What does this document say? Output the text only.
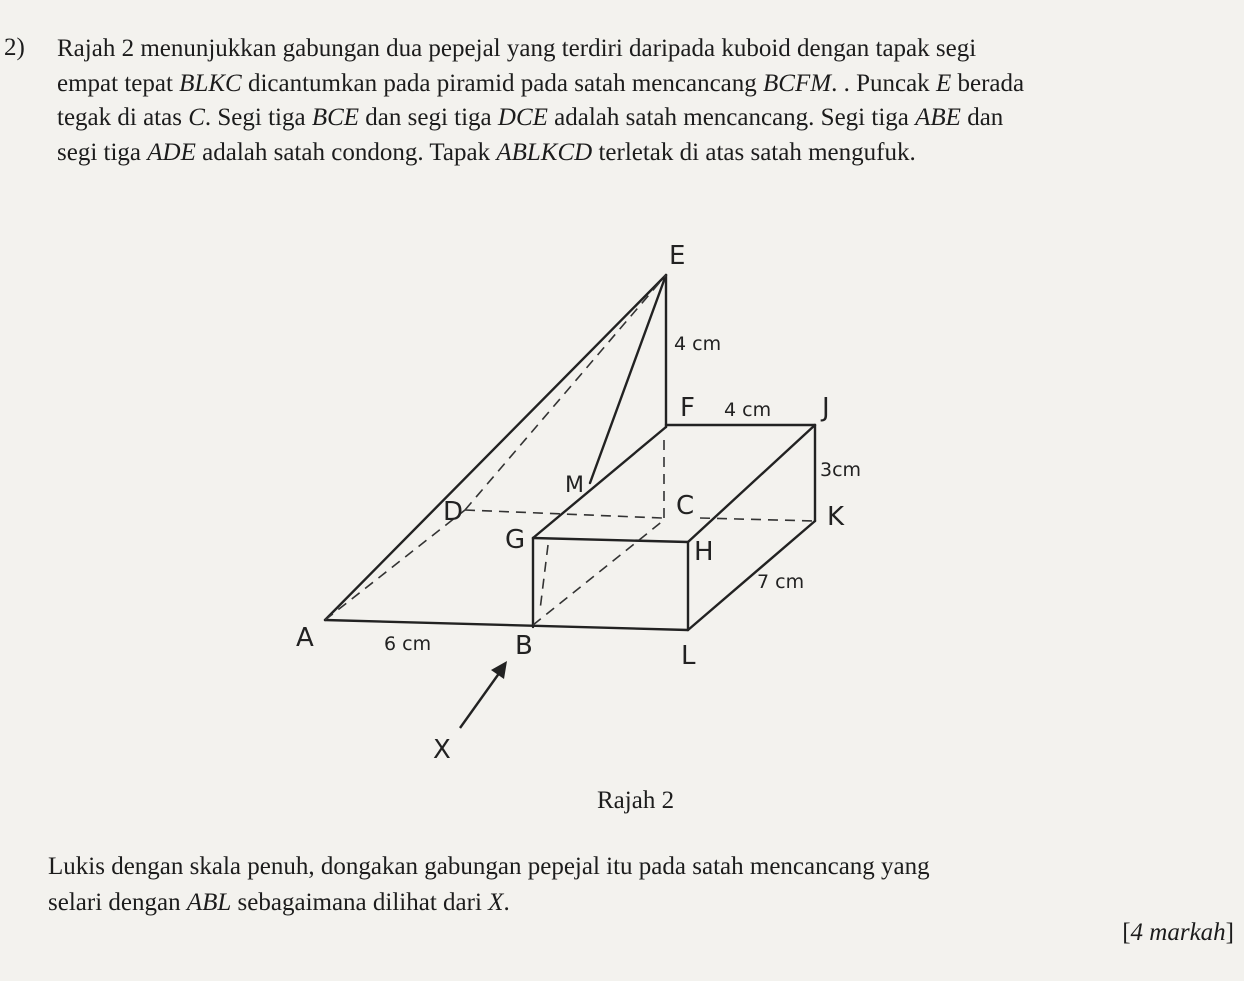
2) Rajah 2 menunjukkan gabungan dua pepejal yang terdiri daripada kuboid dengan tapak segi

empat tepat BLKC dicantumkan pada piramid pada satah mencancang BCFM. . Puncak E berada

tegak di atas C. Segi tiga BCE dan segi tiga DCE adalah satah mencancang. Segi tiga ABE dan

segi tiga ADE adalah satah condong. Tapak ABLKCD terletak di atas satah mengufuk.

E
F	J
M
C	K
D
G	H
A	B	L
X
4 cm
4 cm
3cm
7 cm
6 cm
Rajah 2

Lukis dengan skala penuh, dongakan gabungan pepejal itu pada satah mencancang yang

selari dengan ABL sebagaimana dilihat dari X.

[4 markah]
